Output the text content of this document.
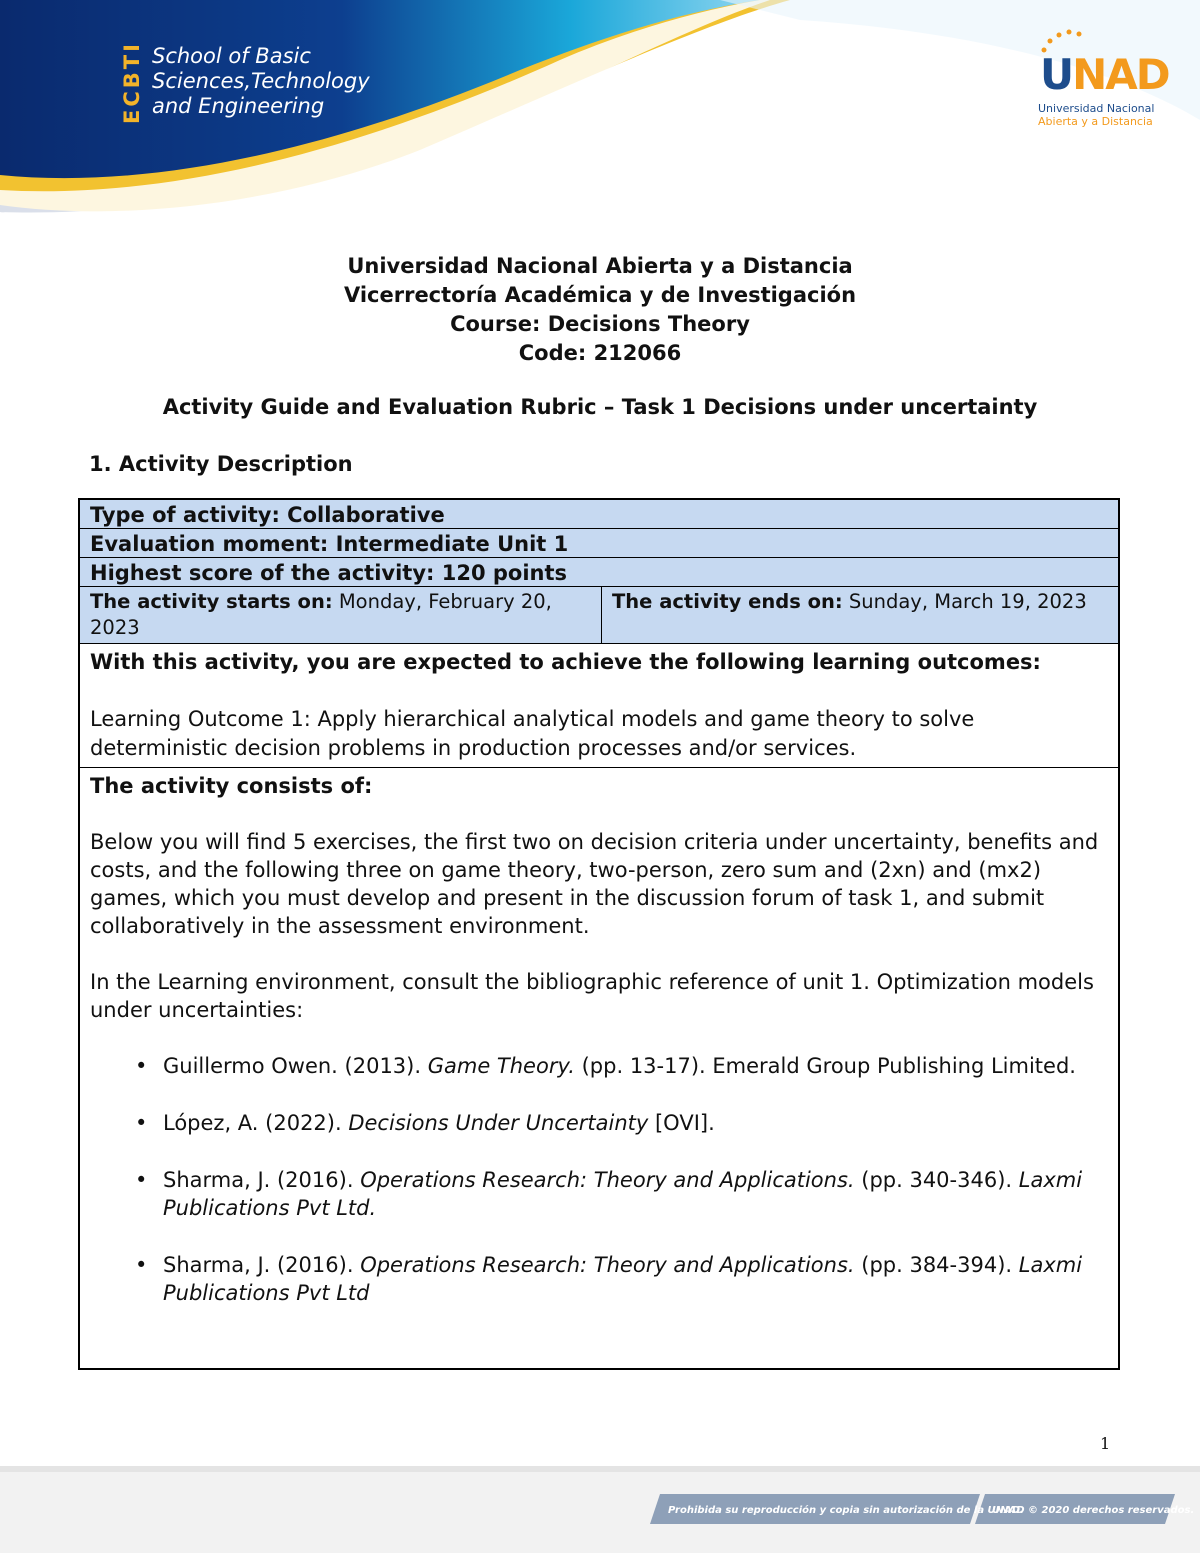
ECBTI School of Basic
Sciences,Technology
and Engineering
UNAD
Universidad Nacional
Abierta y a Distancia
Universidad Nacional Abierta y a Distancia
Vicerrectoría Académica y de Investigación
Course: Decisions Theory
Code: 212066
Activity Guide and Evaluation Rubric – Task 1 Decisions under uncertainty
1. Activity Description
Type of activity: Collaborative
Evaluation moment: Intermediate Unit 1
Highest score of the activity: 120 points
The activity starts on: Monday, February 20, 2023
The activity ends on: Sunday, March 19, 2023

With this activity, you are expected to achieve the following learning outcomes:

Learning Outcome 1: Apply hierarchical analytical models and game theory to solve deterministic decision problems in production processes and/or services.

The activity consists of:

Below you will find 5 exercises, the first two on decision criteria under uncertainty, benefits and costs, and the following three on game theory, two-person, zero sum and (2xn) and (mx2) games, which you must develop and present in the discussion forum of task 1, and submit collaboratively in the assessment environment.

In the Learning environment, consult the bibliographic reference of unit 1. Optimization models under uncertainties:

• Guillermo Owen. (2013). Game Theory. (pp. 13-17). Emerald Group Publishing Limited.
• López, A. (2022). Decisions Under Uncertainty [OVI].
• Sharma, J. (2016). Operations Research: Theory and Applications. (pp. 340-346). Laxmi Publications Pvt Ltd.
• Sharma, J. (2016). Operations Research: Theory and Applications. (pp. 384-394). Laxmi Publications Pvt Ltd
1
Prohibida su reproducción y copia sin autorización de la UNAD.
UNAD © 2020 derechos reservados.
